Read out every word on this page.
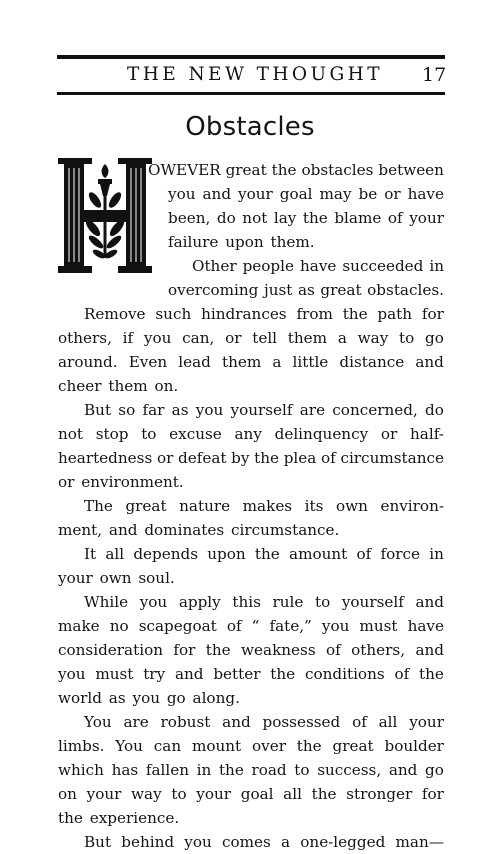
THE NEW THOUGHT 17
Obstacles
OWEVER great the obstacles between
you and your goal may be or have
been, do not lay the blame of your
failure upon them.
Other people have succeeded in
overcoming just as great obstacles.
Remove such hindrances from the path for
others, if you can, or tell them a way to go
around. Even lead them a little distance and
cheer them on.
But so far as you yourself are concerned, do
not stop to excuse any delinquency or half-
heartedness or defeat by the plea of circumstance
or environment.
The great nature makes its own environ-
ment, and dominates circumstance.
It all depends upon the amount of force in
your own soul.
While you apply this rule to yourself and
make no scapegoat of “ fate,” you must have
consideration for the weakness of others, and
you must try and better the conditions of the
world as you go along.
You are robust and possessed of all your
limbs. You can mount over the great boulder
which has fallen in the road to success, and go
on your way to your goal all the stronger for
the experience.
But behind you comes a one-legged man—
